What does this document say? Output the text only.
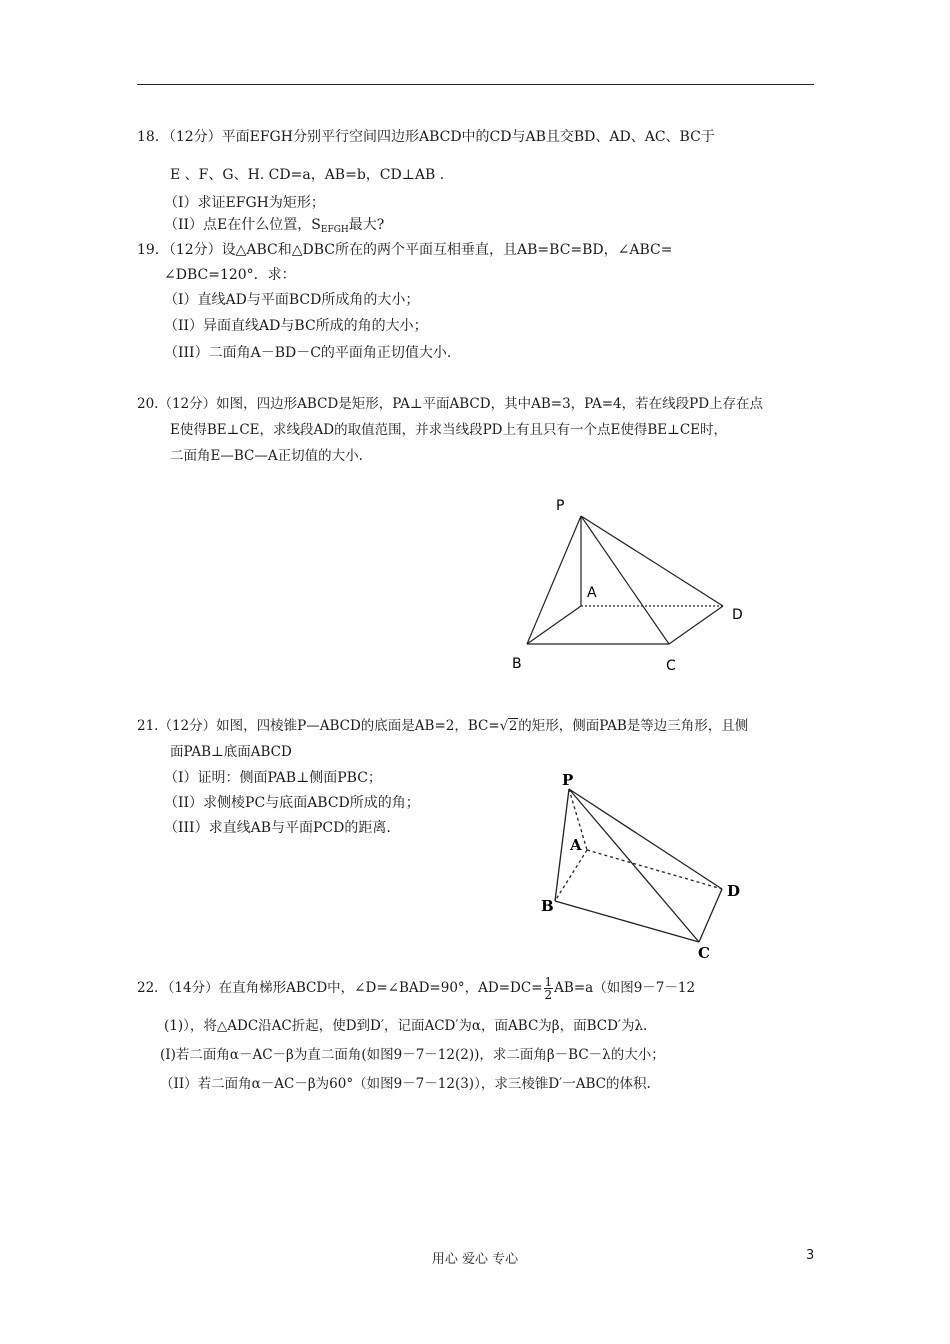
18．（12分）平面EFGH分别平行空间四边形ABCD中的CD与AB且交BD、AD、AC、BC于
E 、F、G、H. CD=a，AB=b，CD⊥AB .
（I）求证EFGH为矩形；
（II）点E在什么位置，$S_{EFGH}$最大?
19．（12分）设△ABC和△DBC所在的两个平面互相垂直，且AB=BC=BD，∠ABC=
∠DBC=120°．求：
（I）直线AD与平面BCD所成角的大小；
（II）异面直线AD与BC所成的角的大小；
（III）二面角A－BD－C的平面角正切值大小.
20.（12分）如图，四边形ABCD是矩形，PA⊥平面ABCD，其中AB=3，PA=4，若在线段PD上存在点
E使得BE⊥CE，求线段AD的取值范围，并求当线段PD上有且只有一个点E使得BE⊥CE时，
二面角E—BC—A正切值的大小.
P
A
B	C
D
21.（12分）如图，四棱锥P—ABCD的底面是AB=2，BC=√2的矩形，侧面PAB是等边三角形，且侧
面PAB⊥底面ABCD
（I）证明：侧面PAB⊥侧面PBC；
（II）求侧棱PC与底面ABCD所成的角；
（III）求直线AB与平面PCD的距离.
P
A
B
C
D
22．（14分）在直角梯形ABCD中，∠D=∠BAD=90°，$AD=DC= \frac{1}{2} AB=a$（如图9－7－12
(1)），将△ADC沿AC折起，使D到D′，记面ACD′为α，面ABC为β，面BCD′为λ.
(I)若二面角α－AC－β为直二面角(如图9－7－12(2))，求二面角β－BC－λ的大小；
（II）若二面角α－AC－β为60°（如图9－7－12(3)），求三棱锥D′一ABC的体积.
用心 爱心 专心	3
